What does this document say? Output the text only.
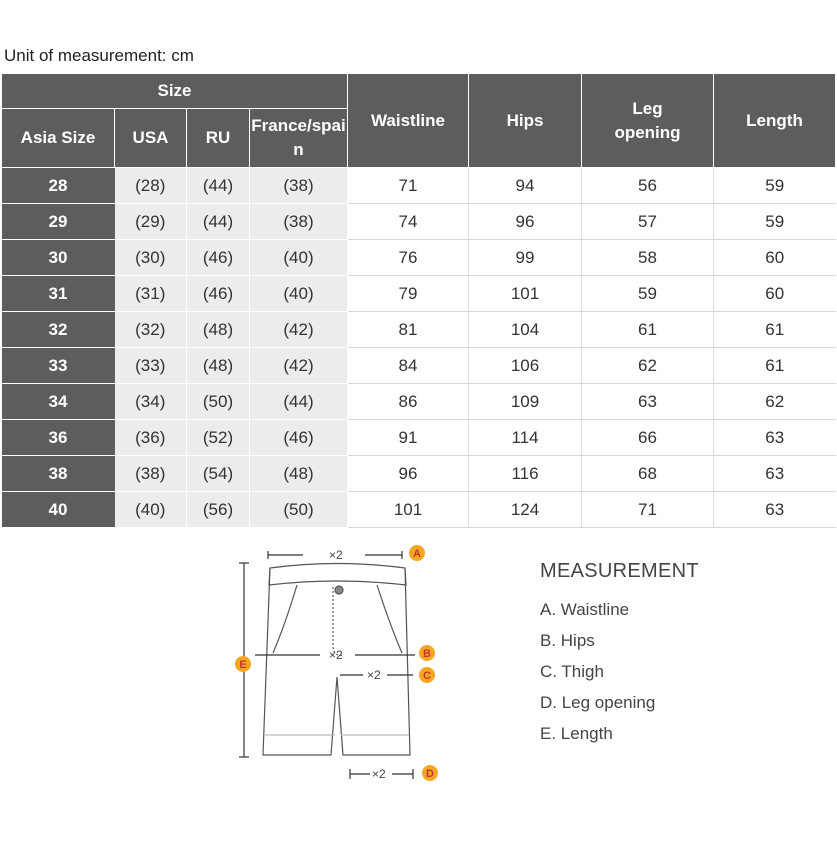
Unit of measurement: cm
Size				Waistline	Hips	Leg opening	Length
Asia Size	USA	RU	France/spain				
28	(28)	(44)	(38)	71	94	56	59
29	(29)	(44)	(38)	74	96	57	59
30	(30)	(46)	(40)	76	99	58	60
31	(31)	(46)	(40)	79	101	59	60
32	(32)	(48)	(42)	81	104	61	61
33	(33)	(48)	(42)	84	106	62	61
34	(34)	(50)	(44)	86	109	63	62
36	(36)	(52)	(46)	91	114	66	63
38	(38)	(54)	(48)	96	116	68	63
40	(40)	(56)	(50)	101	124	71	63
×2
×2
×2
×2
A
B
C
D
E
MEASUREMENT
A. Waistline
B. Hips
C. Thigh
D. Leg opening
E. Length
